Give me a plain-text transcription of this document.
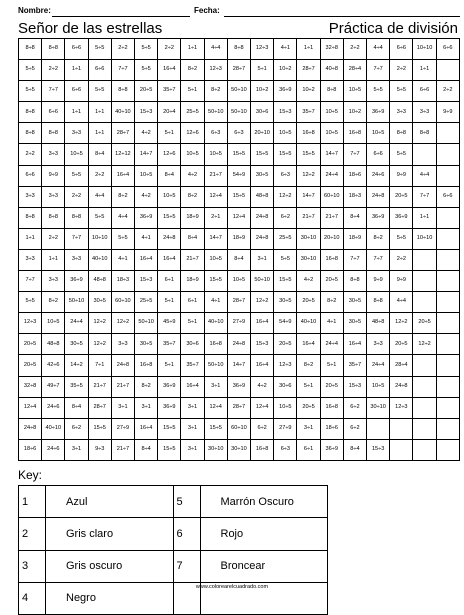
Nombre:	Fecha:
Señor de las estrellas	Práctica de división
8÷8	8÷8	6÷6	5÷5	2÷2	5÷5	2÷2	1÷1	4÷4	8÷8	12÷3	4÷1	1÷1	32÷8	2÷2	4÷4	6÷6	10÷10	6÷6
5÷5	2÷2	1÷1	6÷6	7÷7	5÷5	16÷4	8÷2	12÷3	28÷7	5÷1	10÷2	28÷7	40÷8	28÷4	7÷7	2÷2	1÷1	
5÷5	7÷7	6÷6	5÷5	8÷8	20÷5	35÷7	5÷1	8÷2	50÷10	10÷2	36÷9	10÷2	8÷8	10÷5	5÷5	5÷5	6÷6	2÷2
8÷8	6÷6	1÷1	1÷1	40÷10	15÷3	20÷4	25÷5	50÷10	50÷10	30÷6	15÷3	35÷7	10÷5	10÷2	36÷9	3÷3	3÷3	9÷9
8÷8	8÷8	3÷3	1÷1	28÷7	4÷2	5÷1	12÷6	6÷3	6÷3	20÷10	10÷5	16÷8	10÷5	16÷8	10÷5	8÷8	8÷8	
2÷2	3÷3	10÷5	8÷4	12÷12	14÷7	12÷6	10÷5	10÷5	15÷5	15÷5	15÷5	15÷5	14÷7	7÷7	6÷6	5÷5		
6÷6	9÷9	5÷5	2÷2	16÷4	10÷5	8÷4	4÷2	21÷7	54÷9	30÷5	6÷3	12÷2	24÷4	18÷6	24÷6	9÷9	4÷4	
3÷3	3÷3	2÷2	4÷4	8÷2	4÷2	10÷5	8÷2	12÷4	15÷5	48÷8	12÷2	14÷7	60÷10	18÷3	24÷8	20÷5	7÷7	6÷6
8÷8	8÷8	8÷8	5÷5	4÷4	36÷9	15÷5	18÷9	2÷1	12÷4	24÷8	6÷2	21÷7	21÷7	8÷4	36÷9	36÷9	1÷1	
1÷1	2÷2	7÷7	10÷10	5÷5	4÷1	24÷8	8÷4	14÷7	18÷9	24÷8	25÷5	30÷10	20÷10	18÷9	8÷2	5÷5	10÷10	
3÷3	1÷1	3÷3	40÷10	4÷1	16÷4	16÷4	21÷7	10÷5	8÷4	3÷1	5÷5	30÷10	16÷8	7÷7	7÷7	2÷2		
7÷7	3÷3	36÷9	48÷8	18÷3	15÷3	6÷1	18÷9	15÷5	10÷5	50÷10	15÷5	4÷2	20÷5	8÷8	9÷9	9÷9		
5÷5	8÷2	50÷10	30÷5	60÷10	25÷5	5÷1	6÷1	4÷1	28÷7	12÷2	30÷5	20÷5	8÷2	30÷5	8÷8	4÷4		
12÷3	10÷5	24÷4	12÷2	12÷2	50÷10	45÷9	5÷1	40÷10	27÷9	16÷4	54÷9	40÷10	4÷1	30÷5	48÷8	12÷2	20÷5	
20÷5	48÷8	30÷5	12÷2	3÷3	30÷5	35÷7	30÷6	16÷8	24÷8	15÷3	20÷5	16÷4	24÷4	16÷4	3÷3	20÷5	12÷2	
20÷5	42÷6	14÷2	7÷1	24÷8	16÷8	5÷1	35÷7	50÷10	14÷7	16÷4	12÷3	8÷2	5÷1	35÷7	24÷4	28÷4		
32÷8	49÷7	35÷5	21÷7	21÷7	8÷2	36÷9	16÷4	3÷1	36÷9	4÷2	30÷6	5÷1	20÷5	15÷3	10÷5	24÷8		
12÷4	24÷6	8÷4	28÷7	3÷1	3÷1	36÷9	3÷1	12÷4	28÷7	12÷4	10÷5	20÷5	16÷8	6÷2	30÷10	12÷3		
24÷8	40÷10	6÷2	15÷5	27÷9	16÷4	15÷5	3÷1	15÷5	60÷10	6÷2	27÷9	3÷1	18÷6	6÷2				
18÷6	24÷6	3÷1	9÷3	21÷7	8÷4	15÷5	3÷1	30÷10	30÷10	16÷8	6÷3	6÷1	36÷9	8÷4	15÷3			
Key:
1	Azul	5	Marrón Oscuro
2	Gris claro	6	Rojo
3	Gris oscuro	7	Broncear
4	Negro		
www.colorearelcuadrado.com
